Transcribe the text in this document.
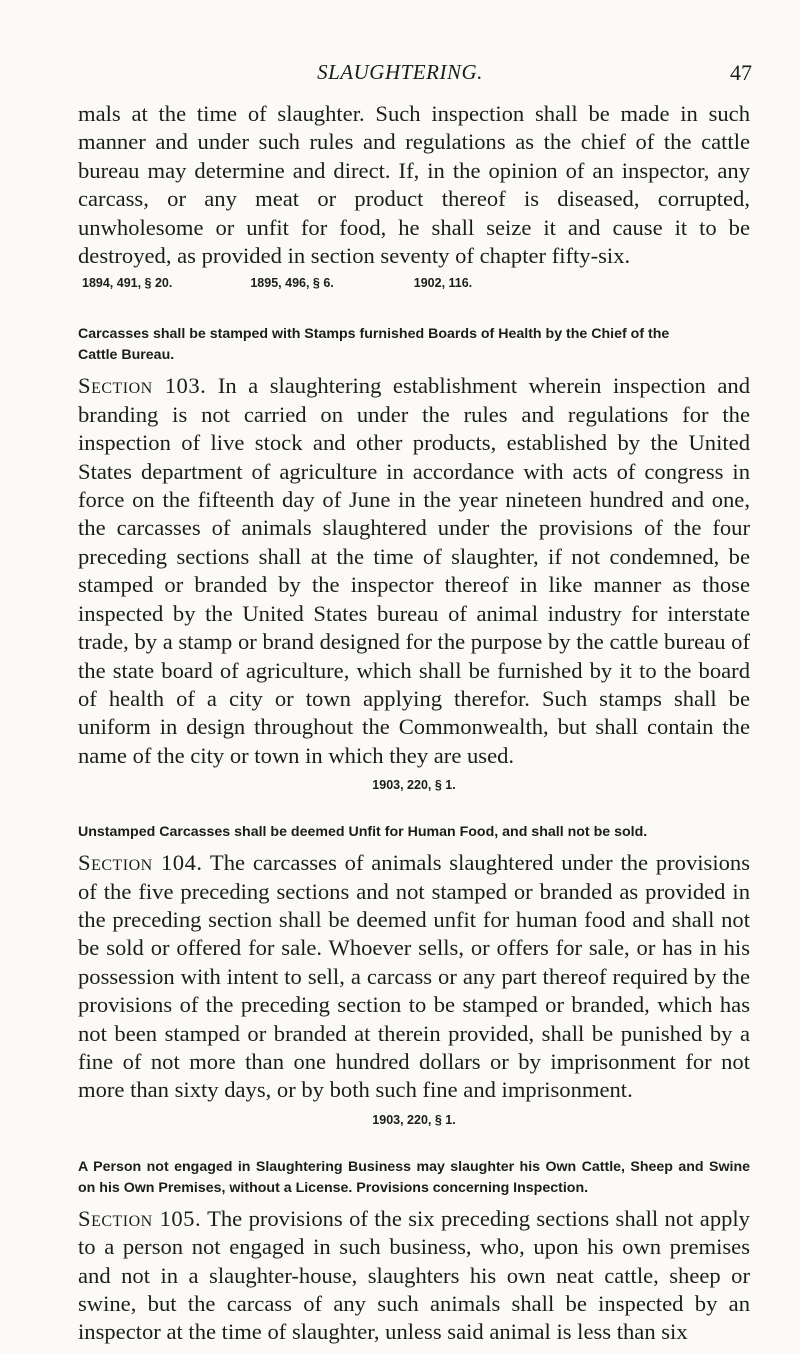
SLAUGHTERING.	47

mals at the time of slaughter. Such inspection shall be made in such manner and under such rules and regulations as the chief of the cattle bureau may determine and direct. If, in the opinion of an inspector, any carcass, or any meat or product thereof is diseased, corrupted, unwholesome or unfit for food, he shall seize it and cause it to be destroyed, as provided in section seventy of chapter fifty-six.

1894, 491, § 20.	1895, 496, § 6.	1902, 116.
Carcasses shall be stamped with Stamps furnished Boards of Health by the Chief of the
Cattle Bureau.

Section 103. In a slaughtering establishment wherein inspection and branding is not carried on under the rules and regulations for the inspection of live stock and other products, established by the United States department of agriculture in accordance with acts of congress in force on the fifteenth day of June in the year nineteen hundred and one, the carcasses of animals slaughtered under the provisions of the four preceding sections shall at the time of slaughter, if not condemned, be stamped or branded by the inspector thereof in like manner as those inspected by the United States bureau of animal industry for interstate trade, by a stamp or brand designed for the purpose by the cattle bureau of the state board of agriculture, which shall be furnished by it to the board of health of a city or town applying therefor. Such stamps shall be uniform in design throughout the Commonwealth, but shall contain the name of the city or town in which they are used.

1903, 220, § 1.
Unstamped Carcasses shall be deemed Unfit for Human Food, and shall not be sold.

Section 104. The carcasses of animals slaughtered under the provisions of the five preceding sections and not stamped or branded as provided in the preceding section shall be deemed unfit for human food and shall not be sold or offered for sale. Whoever sells, or offers for sale, or has in his possession with intent to sell, a carcass or any part thereof required by the provisions of the preceding section to be stamped or branded, which has not been stamped or branded at therein provided, shall be punished by a fine of not more than one hundred dollars or by imprisonment for not more than sixty days, or by both such fine and imprisonment.

1903, 220, § 1.
A Person not engaged in Slaughtering Business may slaughter his Own Cattle, Sheep and Swine on his Own Premises, without a License. Provisions concerning Inspection.

Section 105. The provisions of the six preceding sections shall not apply to a person not engaged in such business, who, upon his own premises and not in a slaughter-house, slaughters his own neat cattle, sheep or swine, but the carcass of any such animals shall be inspected by an inspector at the time of slaughter, unless said animal is less than six
